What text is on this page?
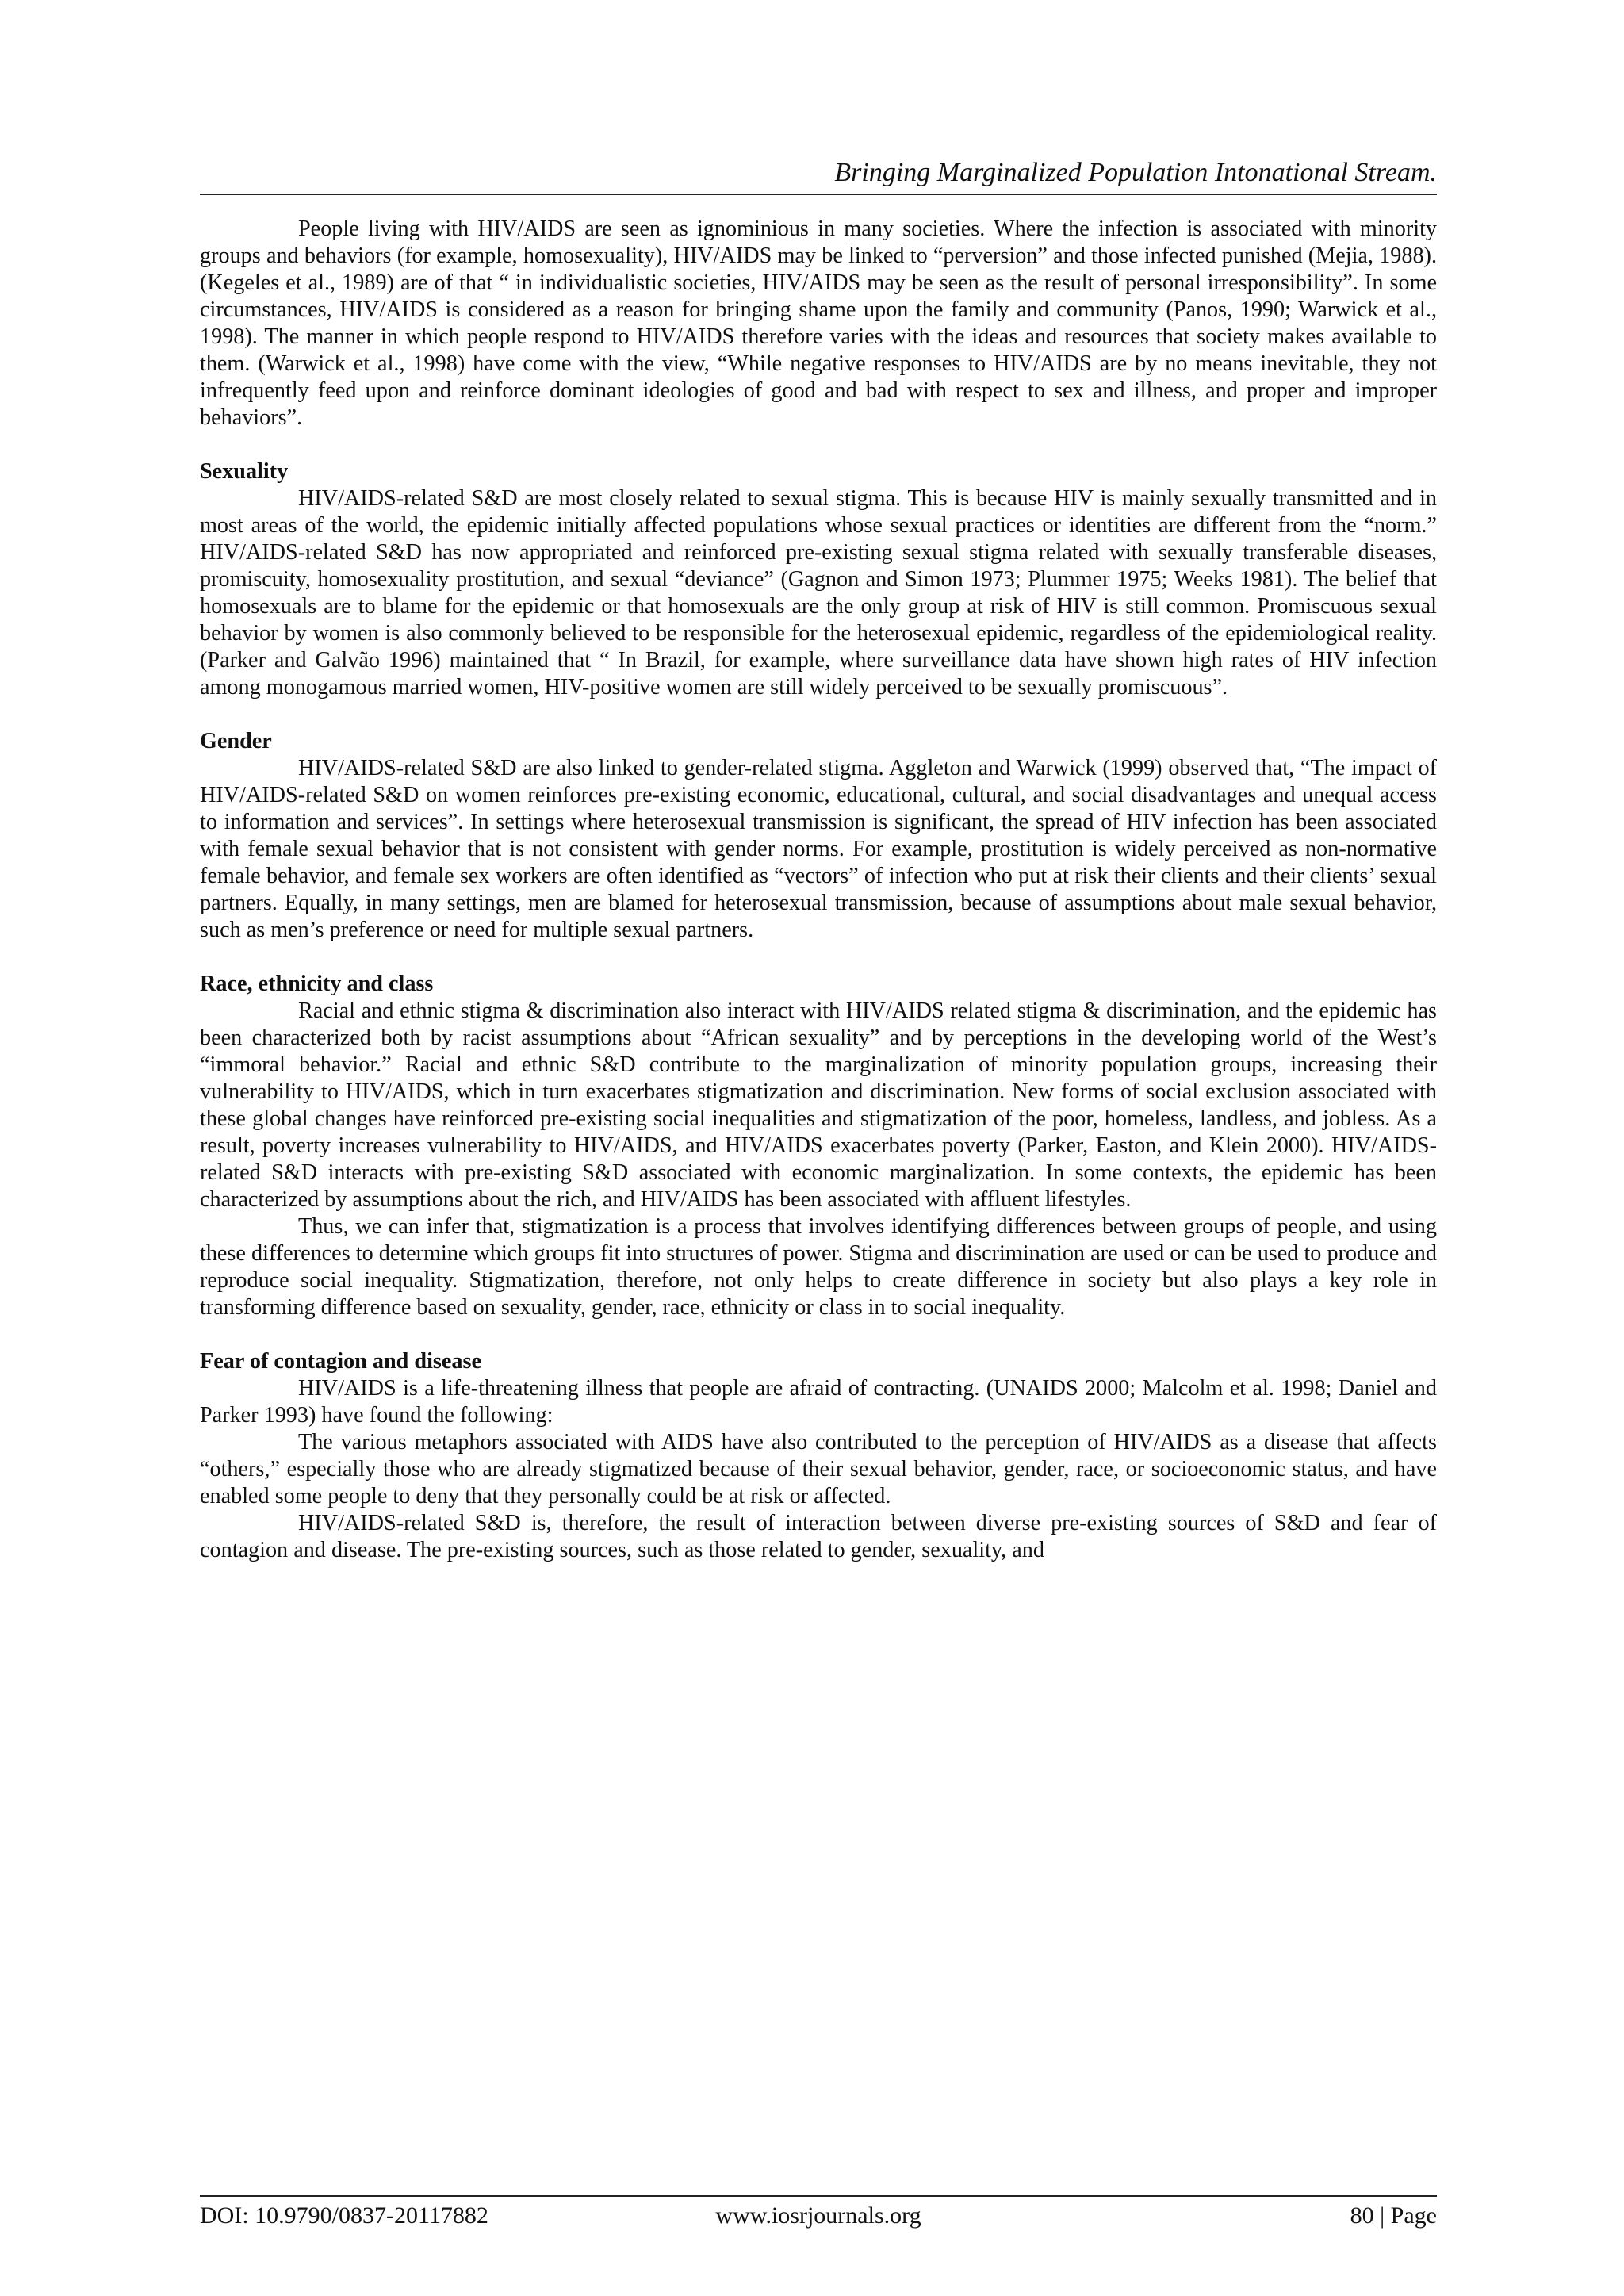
Bringing Marginalized Population Intonational Stream.

People living with HIV/AIDS are seen as ignominious in many societies. Where the infection is associated with minority groups and behaviors (for example, homosexuality), HIV/AIDS may be linked to “perversion” and those infected punished (Mejia, 1988). (Kegeles et al., 1989) are of that “ in individualistic societies, HIV/AIDS may be seen as the result of personal irresponsibility”. In some circumstances, HIV/AIDS is considered as a reason for bringing shame upon the family and community (Panos, 1990; Warwick et al., 1998). The manner in which people respond to HIV/AIDS therefore varies with the ideas and resources that society makes available to them. (Warwick et al., 1998) have come with the view, “While negative responses to HIV/AIDS are by no means inevitable, they not infrequently feed upon and reinforce dominant ideologies of good and bad with respect to sex and illness, and proper and improper behaviors”.

Sexuality

HIV/AIDS-related S&D are most closely related to sexual stigma. This is because HIV is mainly sexually transmitted and in most areas of the world, the epidemic initially affected populations whose sexual practices or identities are different from the “norm.” HIV/AIDS-related S&D has now appropriated and reinforced pre-existing sexual stigma related with sexually transferable diseases, promiscuity, homosexuality prostitution, and sexual “deviance” (Gagnon and Simon 1973; Plummer 1975; Weeks 1981). The belief that homosexuals are to blame for the epidemic or that homosexuals are the only group at risk of HIV is still common. Promiscuous sexual behavior by women is also commonly believed to be responsible for the heterosexual epidemic, regardless of the epidemiological reality. (Parker and Galvão 1996) maintained that “ In Brazil, for example, where surveillance data have shown high rates of HIV infection among monogamous married women, HIV-positive women are still widely perceived to be sexually promiscuous”.

Gender

HIV/AIDS-related S&D are also linked to gender-related stigma. Aggleton and Warwick (1999) observed that, “The impact of HIV/AIDS-related S&D on women reinforces pre-existing economic, educational, cultural, and social disadvantages and unequal access to information and services”. In settings where heterosexual transmission is significant, the spread of HIV infection has been associated with female sexual behavior that is not consistent with gender norms. For example, prostitution is widely perceived as non-normative female behavior, and female sex workers are often identified as “vectors” of infection who put at risk their clients and their clients’ sexual partners. Equally, in many settings, men are blamed for heterosexual transmission, because of assumptions about male sexual behavior, such as men’s preference or need for multiple sexual partners.

Race, ethnicity and class

Racial and ethnic stigma & discrimination also interact with HIV/AIDS related stigma & discrimination, and the epidemic has been characterized both by racist assumptions about “African sexuality” and by perceptions in the developing world of the West’s “immoral behavior.” Racial and ethnic S&D contribute to the marginalization of minority population groups, increasing their vulnerability to HIV/AIDS, which in turn exacerbates stigmatization and discrimination. New forms of social exclusion associated with these global changes have reinforced pre-existing social inequalities and stigmatization of the poor, homeless, landless, and jobless. As a result, poverty increases vulnerability to HIV/AIDS, and HIV/AIDS exacerbates poverty (Parker, Easton, and Klein 2000). HIV/AIDS-related S&D interacts with pre-existing S&D associated with economic marginalization. In some contexts, the epidemic has been characterized by assumptions about the rich, and HIV/AIDS has been associated with affluent lifestyles.

Thus, we can infer that, stigmatization is a process that involves identifying differences between groups of people, and using these differences to determine which groups fit into structures of power. Stigma and discrimination are used or can be used to produce and reproduce social inequality. Stigmatization, therefore, not only helps to create difference in society but also plays a key role in transforming difference based on sexuality, gender, race, ethnicity or class in to social inequality.

Fear of contagion and disease

HIV/AIDS is a life-threatening illness that people are afraid of contracting. (UNAIDS 2000; Malcolm et al. 1998; Daniel and Parker 1993) have found the following:

The various metaphors associated with AIDS have also contributed to the perception of HIV/AIDS as a disease that affects “others,” especially those who are already stigmatized because of their sexual behavior, gender, race, or socioeconomic status, and have enabled some people to deny that they personally could be at risk or affected.

HIV/AIDS-related S&D is, therefore, the result of interaction between diverse pre-existing sources of S&D and fear of contagion and disease. The pre-existing sources, such as those related to gender, sexuality, and

DOI: 10.9790/0837-20117882	www.iosrjournals.org	80 | Page
